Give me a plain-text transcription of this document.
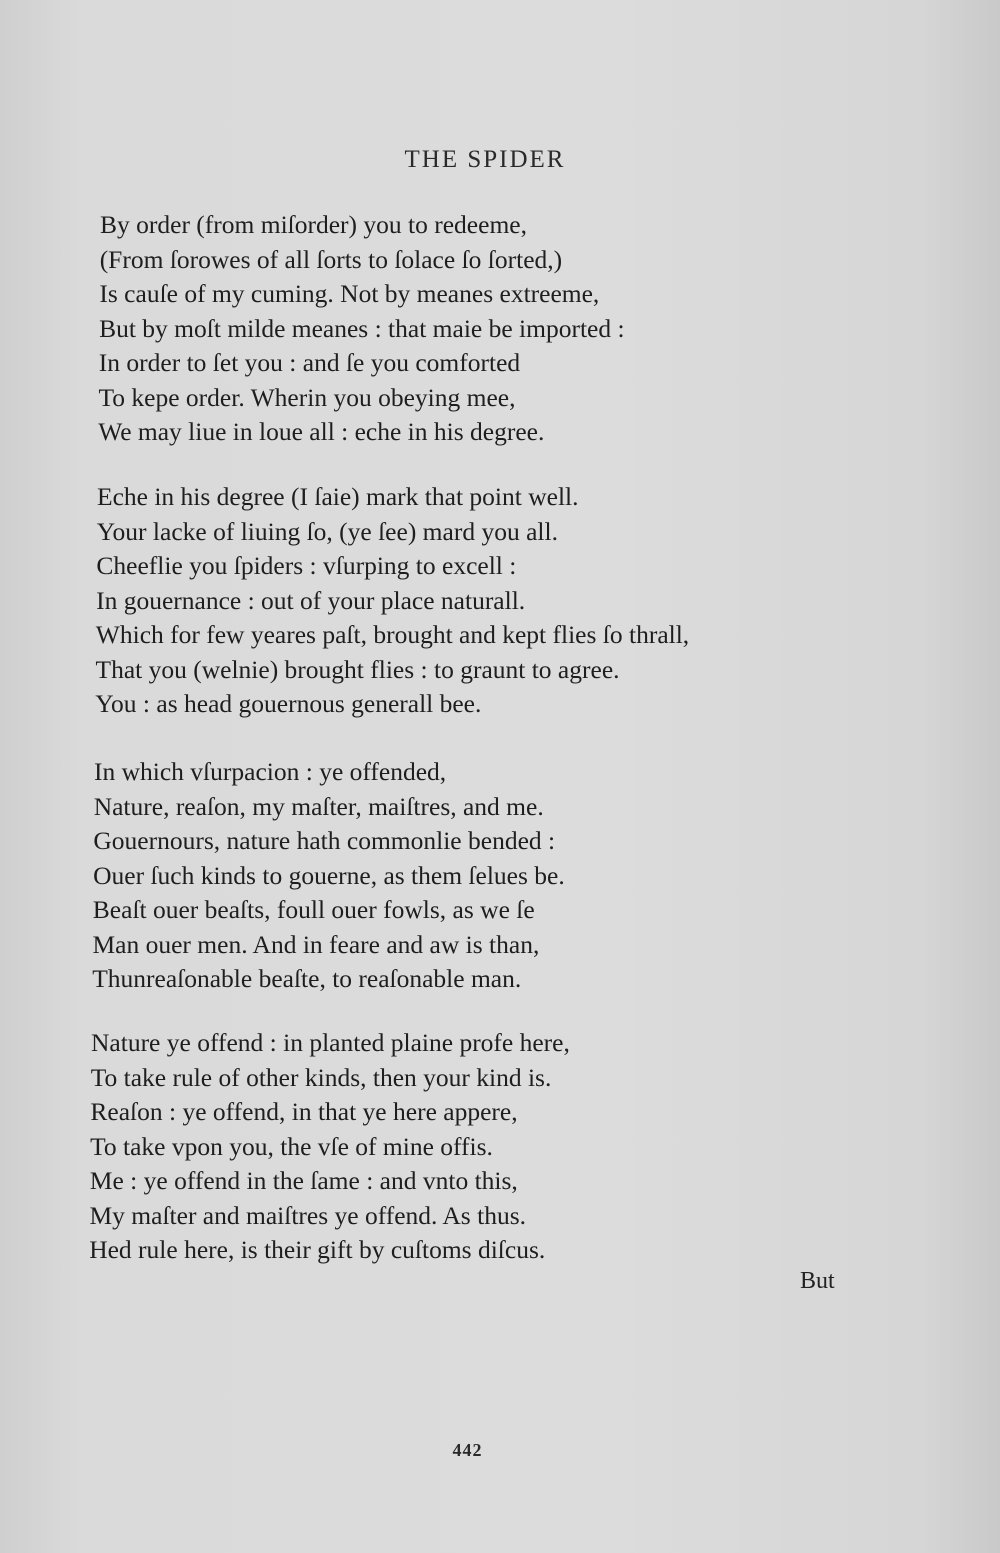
THE SPIDER
By order (from miſorder) you to redeeme,
(From ſorowes of all ſorts to ſolace ſo ſorted,)
Is cauſe of my cuming. Not by meanes extreeme,
But by moſt milde meanes : that maie be imported :
In order to ſet you : and ſe you comforted
To kepe order. Wherin you obeying mee,
We may liue in loue all : eche in his degree.
Eche in his degree (I ſaie) mark that point well.
Your lacke of liuing ſo, (ye ſee) mard you all.
Cheeflie you ſpiders : vſurping to excell :
In gouernance : out of your place naturall.
Which for few yeares paſt, brought and kept flies ſo thrall,
That you (welnie) brought flies : to graunt to agree.
You : as head gouernous generall bee.
In which vſurpacion : ye offended,
Nature, reaſon, my maſter, maiſtres, and me.
Gouernours, nature hath commonlie bended :
Ouer ſuch kinds to gouerne, as them ſelues be.
Beaſt ouer beaſts, foull ouer fowls, as we ſe
Man ouer men. And in feare and aw is than,
Thunreaſonable beaſte, to reaſonable man.
Nature ye offend : in planted plaine profe here,
To take rule of other kinds, then your kind is.
Reaſon : ye offend, in that ye here appere,
To take vpon you, the vſe of mine offis.
Me : ye offend in the ſame : and vnto this,
My maſter and maiſtres ye offend. As thus.
Hed rule here, is their gift by cuſtoms diſcus.
But
442
